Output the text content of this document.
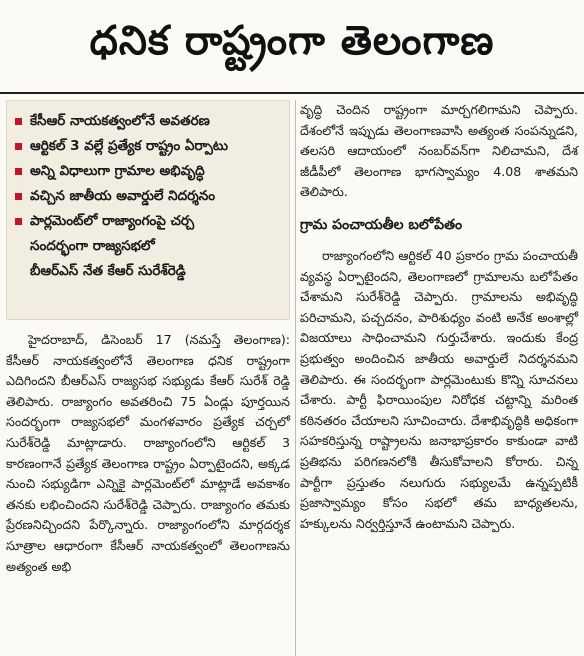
ధనిక రాష్ట్రంగా తెలంగాణ
కేసీఆర్ నాయకత్వంలోనే అవతరణ
ఆర్టికల్ 3 వల్లే ప్రత్యేక రాష్ట్రం ఏర్పాటు
అన్ని విధాలుగా గ్రామాల అభివృద్ధి
వచ్చిన జాతీయ అవార్డులే నిదర్శనం
పార్లమెంట్‌లో రాజ్యాంగంపై చర్చ
సందర్భంగా రాజ్యసభలో
బీఆర్‌ఎస్ నేత కేఆర్ సురేశ్‌రెడ్డి

హైదరాబాద్, డిసెంబర్ 17 (నమస్తే తెలంగాణ): కేసీఆర్ నాయకత్వంలోనే తెలంగాణ ధనిక రాష్ట్రంగా ఎదిగిందని బీఆర్‌ఎస్ రాజ్యసభ సభ్యుడు కేఆర్ సురేశ్ రెడ్డి తెలిపారు. రాజ్యాంగం అవతరించి 75 ఏండ్లు పూర్తయిన సందర్భంగా రాజ్యసభలో మంగళవారం ప్రత్యేక చర్చలో సురేశ్‌రెడ్డి మాట్లాడారు. రాజ్యాంగంలోని ఆర్టికల్ 3 కారణంగానే ప్రత్యేక తెలంగాణ రాష్ట్రం ఏర్పాటైందని, అక్కడ నుంచి సభ్యుడిగా ఎన్నికై పార్లమెంట్‌లో మాట్లాడే అవకాశం తనకు లభించిందని సురేశ్‌రెడ్డి చెప్పారు. రాజ్యాంగం తమకు ప్రేరణనిచ్చిందని పేర్కొన్నారు. రాజ్యాంగంలోని మార్గదర్శక సూత్రాల ఆధారంగా కేసీఆర్ నాయకత్వంలో తెలంగాణను అత్యంత అభి

వృద్ధి చెందిన రాష్ట్రంగా మార్చగలిగామని చెప్పారు. దేశంలోనే ఇప్పుడు తెలంగాణవాసి అత్యంత సంపన్నుడని, తలసరి ఆదాయంలో నంబర్‌వన్‌గా నిలిచామని, దేశ జీడీపీలో తెలంగాణ భాగస్వామ్యం 4.08 శాతమని తెలిపారు.

గ్రామ పంచాయతీల బలోపేతం

రాజ్యాంగంలోని ఆర్టికల్ 40 ప్రకారం గ్రామ పంచాయతీ వ్యవస్థ ఏర్పాటైందని, తెలంగాణలో గ్రామాలను బలోపేతం చేశామని సురేశ్‌రెడ్డి చెప్పారు. గ్రామాలను అభివృద్ధి పరిచామని, పచ్చదనం, పారిశుధ్యం వంటి అనేక అంశాల్లో విజయాలు సాధించామని గుర్తుచేశారు. ఇందుకు కేంద్ర ప్రభుత్వం అందించిన జాతీయ అవార్డులే నిదర్శనమని తెలిపారు. ఈ సందర్భంగా పార్లమెంటుకు కొన్ని సూచనలు చేశారు. పార్టీ ఫిరాయింపుల నిరోధక చట్టాన్ని మరింత కఠినతరం చేయాలని సూచించారు. దేశాభివృద్ధికి అధికంగా సహకరిస్తున్న రాష్ట్రాలను జనాభాప్రకారం కాకుండా వాటి ప్రతిభను పరిగణనలోకి తీసుకోవాలని కోరారు. చిన్న పార్టీగా ప్రస్తుతం నలుగురు సభ్యులమే ఉన్నప్పటికీ ప్రజాస్వామ్యం కోసం సభలో తమ బాధ్యతలను, హక్కులను నిర్వర్తిస్తూనే ఉంటామని చెప్పారు.
